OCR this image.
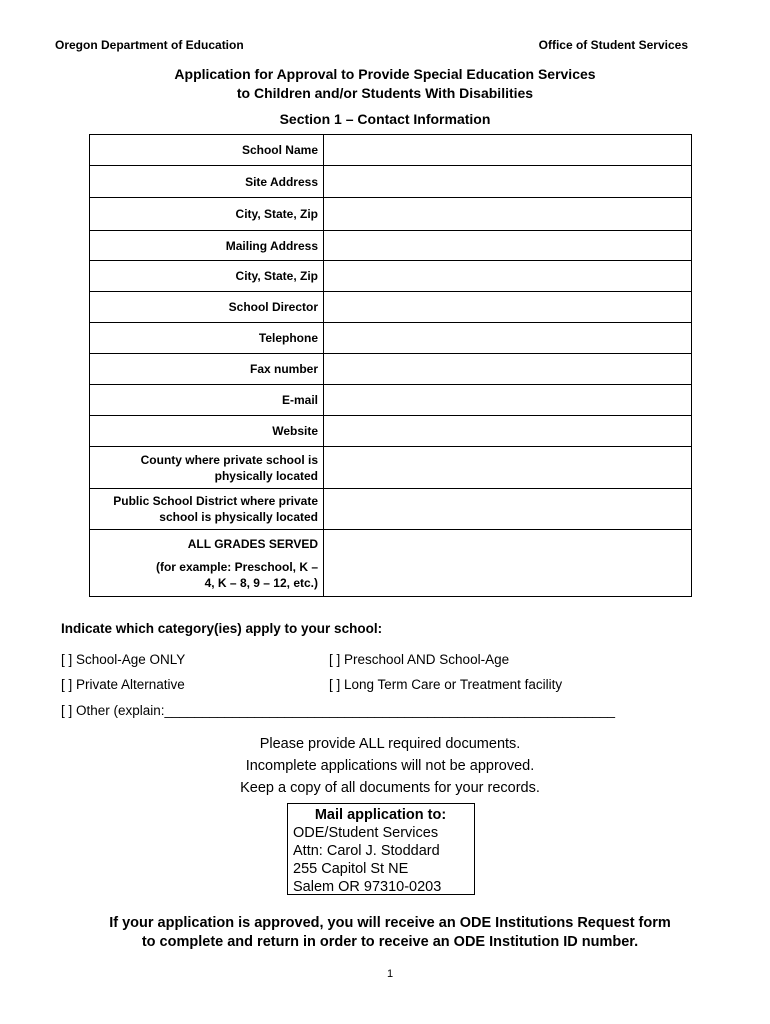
Oregon Department of Education	Office of Student Services
Application for Approval to Provide Special Education Services
to Children and/or Students With Disabilities
Section 1 – Contact Information
School Name	
Site Address	
City, State, Zip	
Mailing Address	
City, State, Zip	
School Director	
Telephone	
Fax number	
E-mail	
Website	
County where private school is physically located	
Public School District where private school is physically located	

ALL GRADES SERVED
(for example: Preschool, K – 4, K – 8, 9 – 12, etc.)	

Indicate which category(ies) apply to your school:
[ ] School-Age ONLY	[ ] Preschool AND School-Age
[ ] Private Alternative	[ ] Long Term Care or Treatment facility
[ ] Other (explain:____________________________________________________________
Please provide ALL required documents.
Incomplete applications will not be approved.
Keep a copy of all documents for your records.
Mail application to:
ODE/Student Services
Attn: Carol J. Stoddard
255 Capitol St NE
Salem OR 97310-0203
If your application is approved, you will receive an ODE Institutions Request form
to complete and return in order to receive an ODE Institution ID number.
1
